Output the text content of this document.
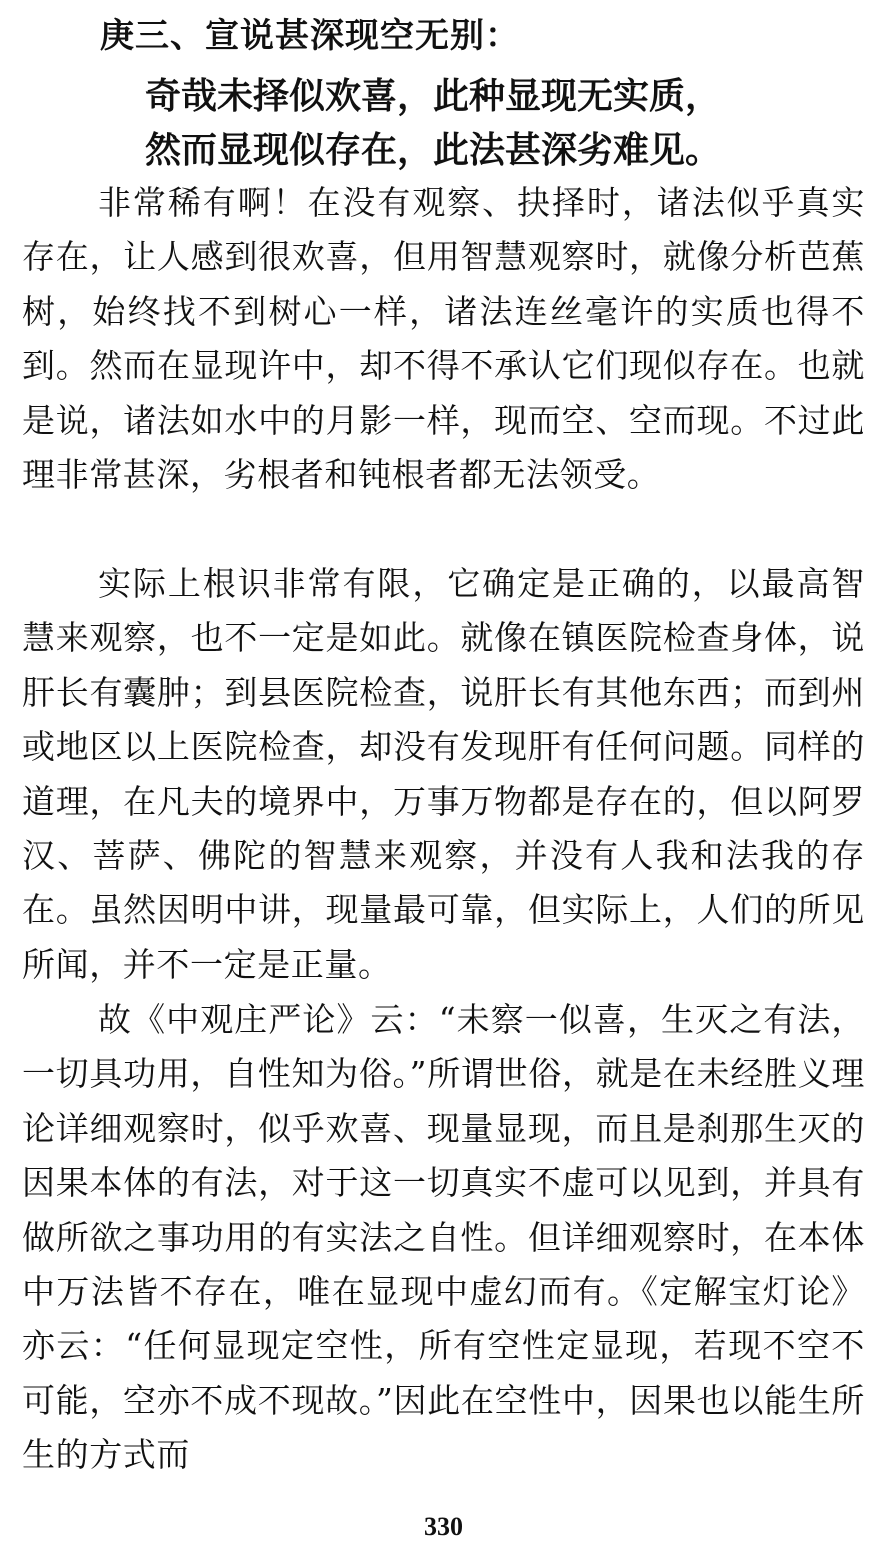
庚三、宣说甚深现空无别：
奇哉未择似欢喜，此种显现无实质，
然而显现似存在，此法甚深劣难见。

非常稀有啊！在没有观察、抉择时，诸法似乎真实存在，让人感到很欢喜，但用智慧观察时，就像分析芭蕉树，始终找不到树心一样，诸法连丝毫许的实质也得不到。然而在显现许中，却不得不承认它们现似存在。也就是说，诸法如水中的月影一样，现而空、空而现。不过此理非常甚深，劣根者和钝根者都无法领受。

实际上根识非常有限，它确定是正确的，以最高智慧来观察，也不一定是如此。就像在镇医院检查身体，说肝长有囊肿；到县医院检查，说肝长有其他东西；而到州或地区以上医院检查，却没有发现肝有任何问题。同样的道理，在凡夫的境界中，万事万物都是存在的，但以阿罗汉、菩萨、佛陀的智慧来观察，并没有人我和法我的存在。虽然因明中讲，现量最可靠，但实际上，人们的所见所闻，并不一定是正量。

故《中观庄严论》云：“未察一似喜，生灭之有法，一切具功用，自性知为俗。”所谓世俗，就是在未经胜义理论详细观察时，似乎欢喜、现量显现，而且是刹那生灭的因果本体的有法，对于这一切真实不虚可以见到，并具有做所欲之事功用的有实法之自性。但详细观察时，在本体中万法皆不存在，唯在显现中虚幻而有。《定解宝灯论》亦云：“任何显现定空性，所有空性定显现，若现不空不可能，空亦不成不现故。”因此在空性中，因果也以能生所生的方式而

330
